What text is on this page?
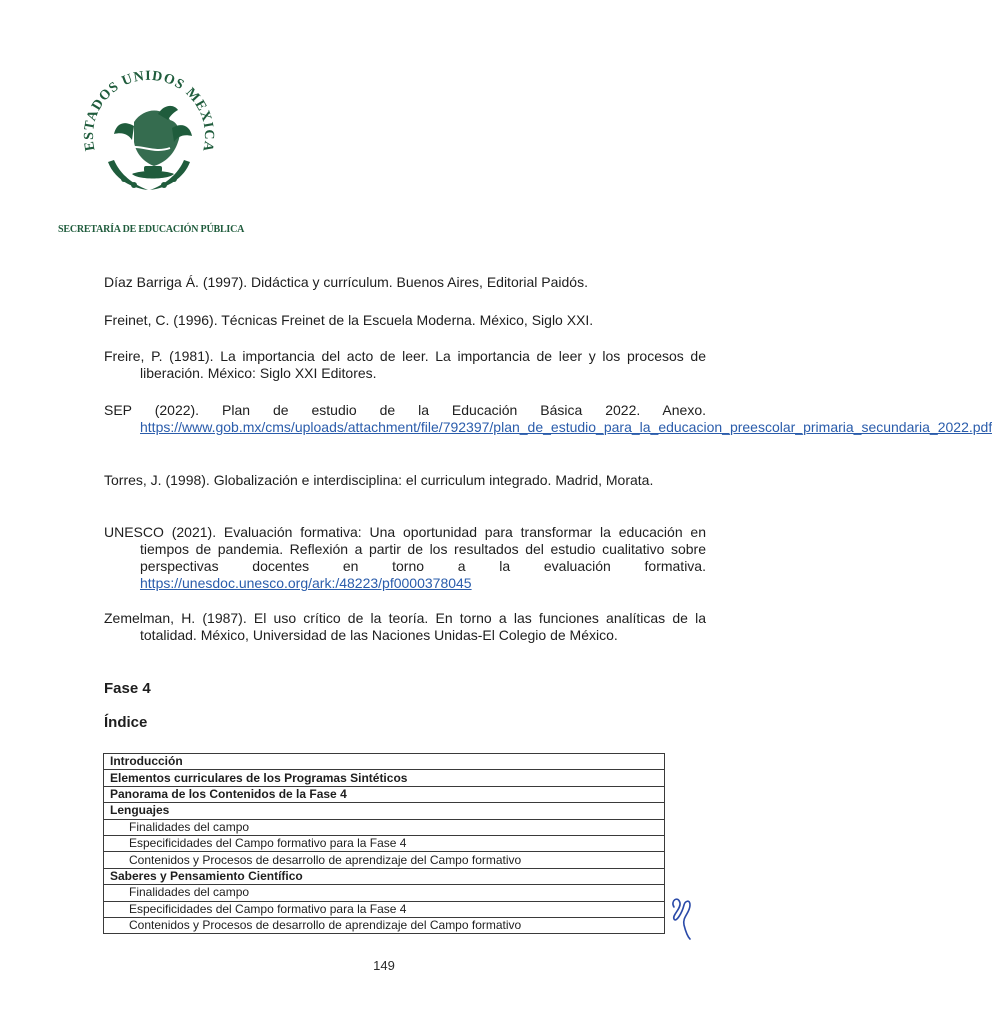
ESTADOS UNIDOS MEXICA
SECRETARÍA DE EDUCACIÓN PÚBLICA

Díaz Barriga Á. (1997). Didáctica y currículum. Buenos Aires, Editorial Paidós.

Freinet, C. (1996). Técnicas Freinet de la Escuela Moderna. México, Siglo XXI.

Freire, P. (1981). La importancia del acto de leer. La importancia de leer y los procesos de liberación. México: Siglo XXI Editores.

SEP (2022). Plan de estudio de la Educación Básica 2022. Anexo. https://www.gob.mx/cms/uploads/attachment/file/792397/plan_de_estudio_para_la_educacion_preescolar_primaria_secundaria_2022.pdf

Torres, J. (1998). Globalización e interdisciplina: el curriculum integrado. Madrid, Morata.

UNESCO (2021). Evaluación formativa: Una oportunidad para transformar la educación en tiempos de pandemia. Reflexión a partir de los resultados del estudio cualitativo sobre perspectivas docentes en torno a la evaluación formativa. https://unesdoc.unesco.org/ark:/48223/pf0000378045

Zemelman, H. (1987). El uso crítico de la teoría. En torno a las funciones analíticas de la totalidad. México, Universidad de las Naciones Unidas-El Colegio de México.

Fase 4
Índice
Introducción
Elementos curriculares de los Programas Sintéticos
Panorama de los Contenidos de la Fase 4
Lenguajes
Finalidades del campo
Especificidades del Campo formativo para la Fase 4
Contenidos y Procesos de desarrollo de aprendizaje del Campo formativo
Saberes y Pensamiento Científico
Finalidades del campo
Especificidades del Campo formativo para la Fase 4
Contenidos y Procesos de desarrollo de aprendizaje del Campo formativo
149
